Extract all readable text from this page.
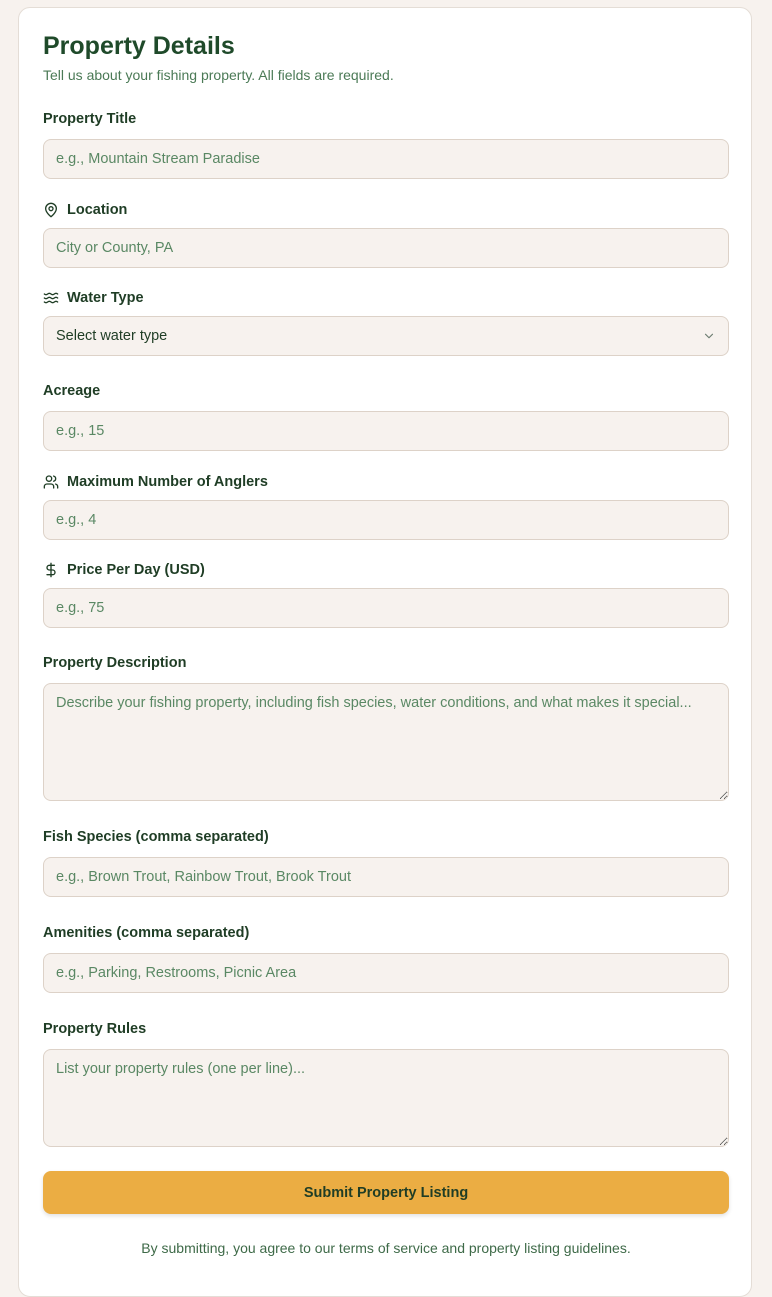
Property Details
Tell us about your fishing property. All fields are required.
Property Title
e.g., Mountain Stream Paradise
Location
City or County, PA
Water Type
Select water type
Acreage
e.g., 15
Maximum Number of Anglers
e.g., 4
Price Per Day (USD)
e.g., 75
Property Description
Describe your fishing property, including fish species, water conditions, and what makes it special...
Fish Species (comma separated)
e.g., Brown Trout, Rainbow Trout, Brook Trout
Amenities (comma separated)
e.g., Parking, Restrooms, Picnic Area
Property Rules
List your property rules (one per line)...
Submit Property Listing
By submitting, you agree to our terms of service and property listing guidelines.
